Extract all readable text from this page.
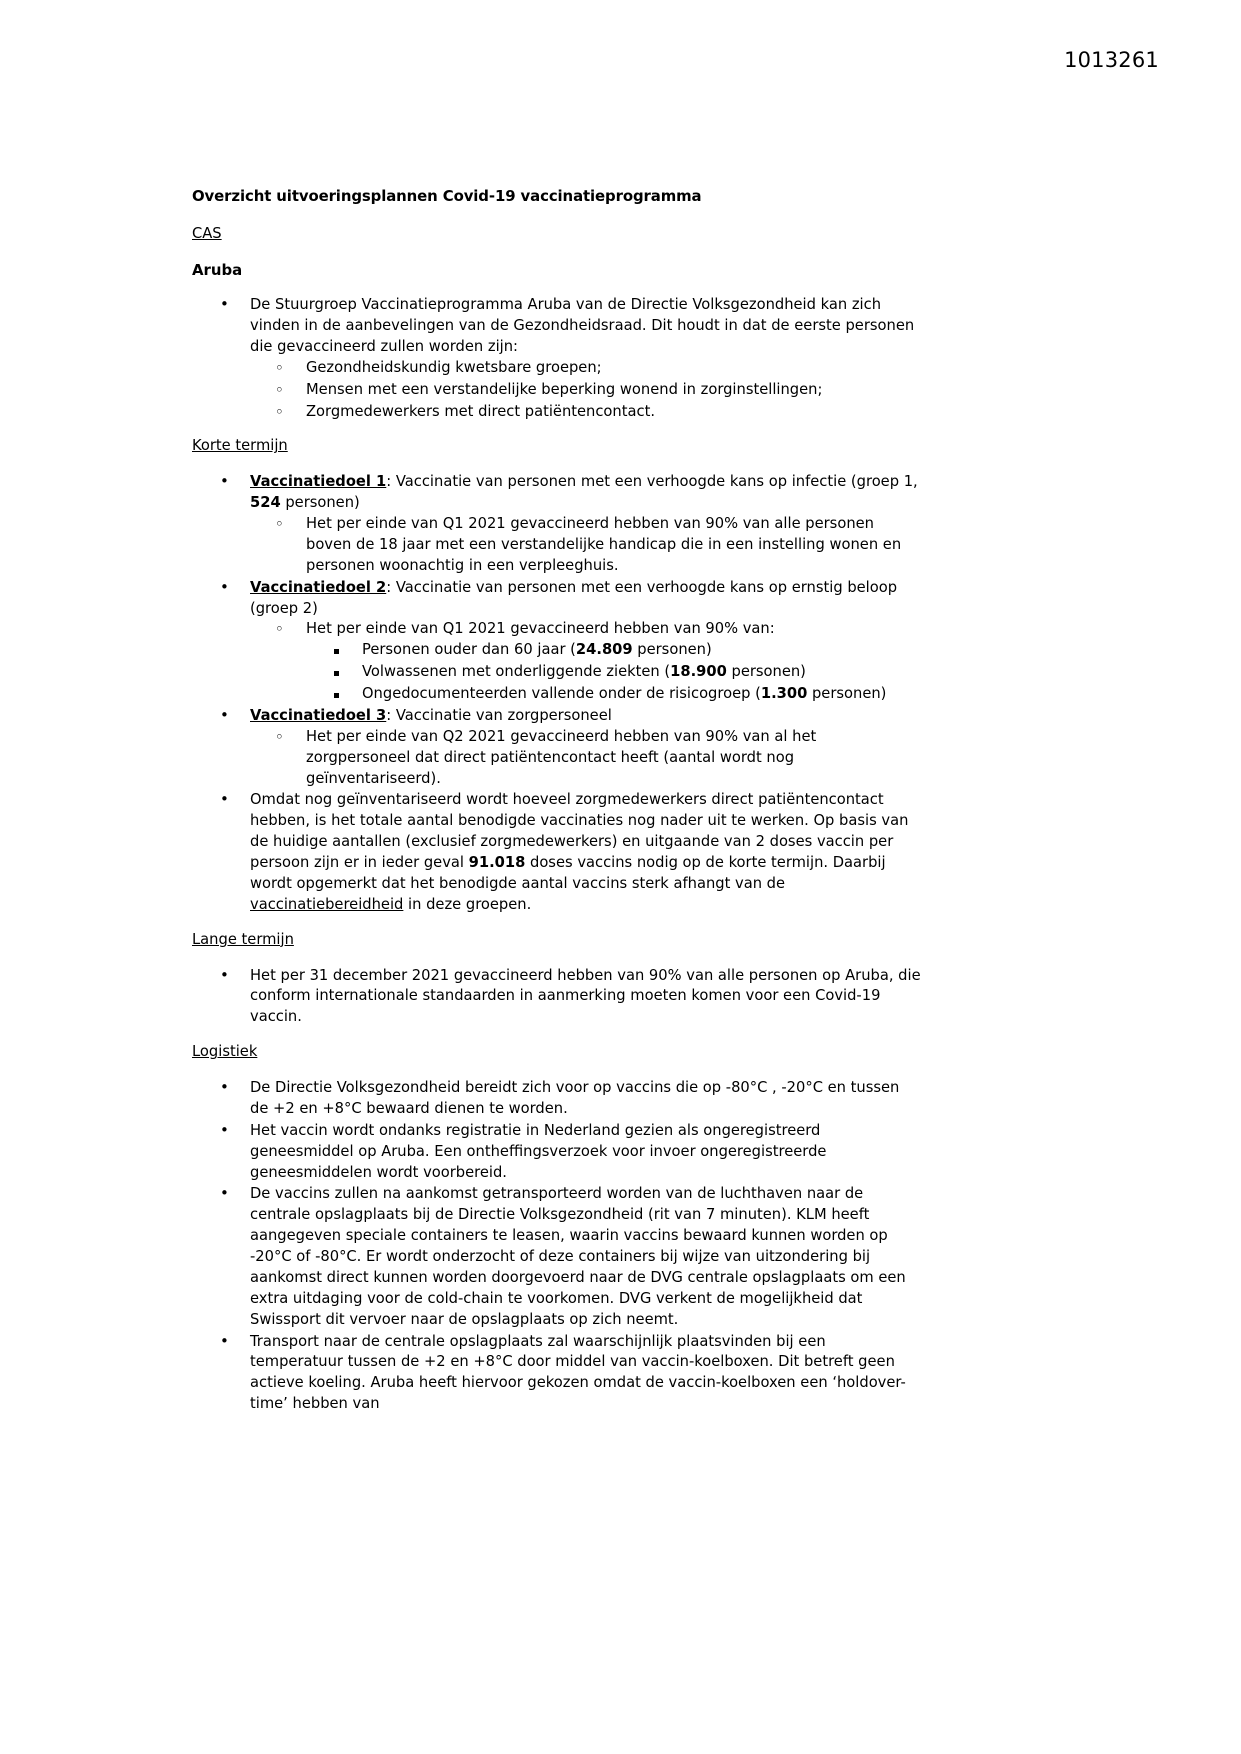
1013261

Overzicht uitvoeringsplannen Covid-19 vaccinatieprogramma

CAS

Aruba

• De Stuurgroep Vaccinatieprogramma Aruba van de Directie Volksgezondheid kan zich vinden in de aanbevelingen van de Gezondheidsraad. Dit houdt in dat de eerste personen die gevaccineerd zullen worden zijn:
◦ Gezondheidskundig kwetsbare groepen;
◦ Mensen met een verstandelijke beperking wonend in zorginstellingen;
◦ Zorgmedewerkers met direct patiëntencontact.

Korte termijn

• Vaccinatiedoel 1: Vaccinatie van personen met een verhoogde kans op infectie (groep 1, 524 personen)
◦ Het per einde van Q1 2021 gevaccineerd hebben van 90% van alle personen boven de 18 jaar met een verstandelijke handicap die in een instelling wonen en personen woonachtig in een verpleeghuis.
• Vaccinatiedoel 2: Vaccinatie van personen met een verhoogde kans op ernstig beloop (groep 2)
◦ Het per einde van Q1 2021 gevaccineerd hebben van 90% van:
Personen ouder dan 60 jaar (24.809 personen)
Volwassenen met onderliggende ziekten (18.900 personen)
Ongedocumenteerden vallende onder de risicogroep (1.300 personen)
• Vaccinatiedoel 3: Vaccinatie van zorgpersoneel
◦ Het per einde van Q2 2021 gevaccineerd hebben van 90% van al het zorgpersoneel dat direct patiëntencontact heeft (aantal wordt nog geïnventariseerd).
• Omdat nog geïnventariseerd wordt hoeveel zorgmedewerkers direct patiëntencontact hebben, is het totale aantal benodigde vaccinaties nog nader uit te werken. Op basis van de huidige aantallen (exclusief zorgmedewerkers) en uitgaande van 2 doses vaccin per persoon zijn er in ieder geval 91.018 doses vaccins nodig op de korte termijn. Daarbij wordt opgemerkt dat het benodigde aantal vaccins sterk afhangt van de vaccinatiebereidheid in deze groepen.

Lange termijn

• Het per 31 december 2021 gevaccineerd hebben van 90% van alle personen op Aruba, die conform internationale standaarden in aanmerking moeten komen voor een Covid-19 vaccin.

Logistiek

• De Directie Volksgezondheid bereidt zich voor op vaccins die op -80°C , -20°C en tussen de +2 en +8°C bewaard dienen te worden.
• Het vaccin wordt ondanks registratie in Nederland gezien als ongeregistreerd geneesmiddel op Aruba. Een ontheffingsverzoek voor invoer ongeregistreerde geneesmiddelen wordt voorbereid.
• De vaccins zullen na aankomst getransporteerd worden van de luchthaven naar de centrale opslagplaats bij de Directie Volksgezondheid (rit van 7 minuten). KLM heeft aangegeven speciale containers te leasen, waarin vaccins bewaard kunnen worden op -20°C of -80°C. Er wordt onderzocht of deze containers bij wijze van uitzondering bij aankomst direct kunnen worden doorgevoerd naar de DVG centrale opslagplaats om een extra uitdaging voor de cold-chain te voorkomen. DVG verkent de mogelijkheid dat Swissport dit vervoer naar de opslagplaats op zich neemt.
• Transport naar de centrale opslagplaats zal waarschijnlijk plaatsvinden bij een temperatuur tussen de +2 en +8°C door middel van vaccin-koelboxen. Dit betreft geen actieve koeling. Aruba heeft hiervoor gekozen omdat de vaccin-koelboxen een ‘holdover-time’ hebben van
